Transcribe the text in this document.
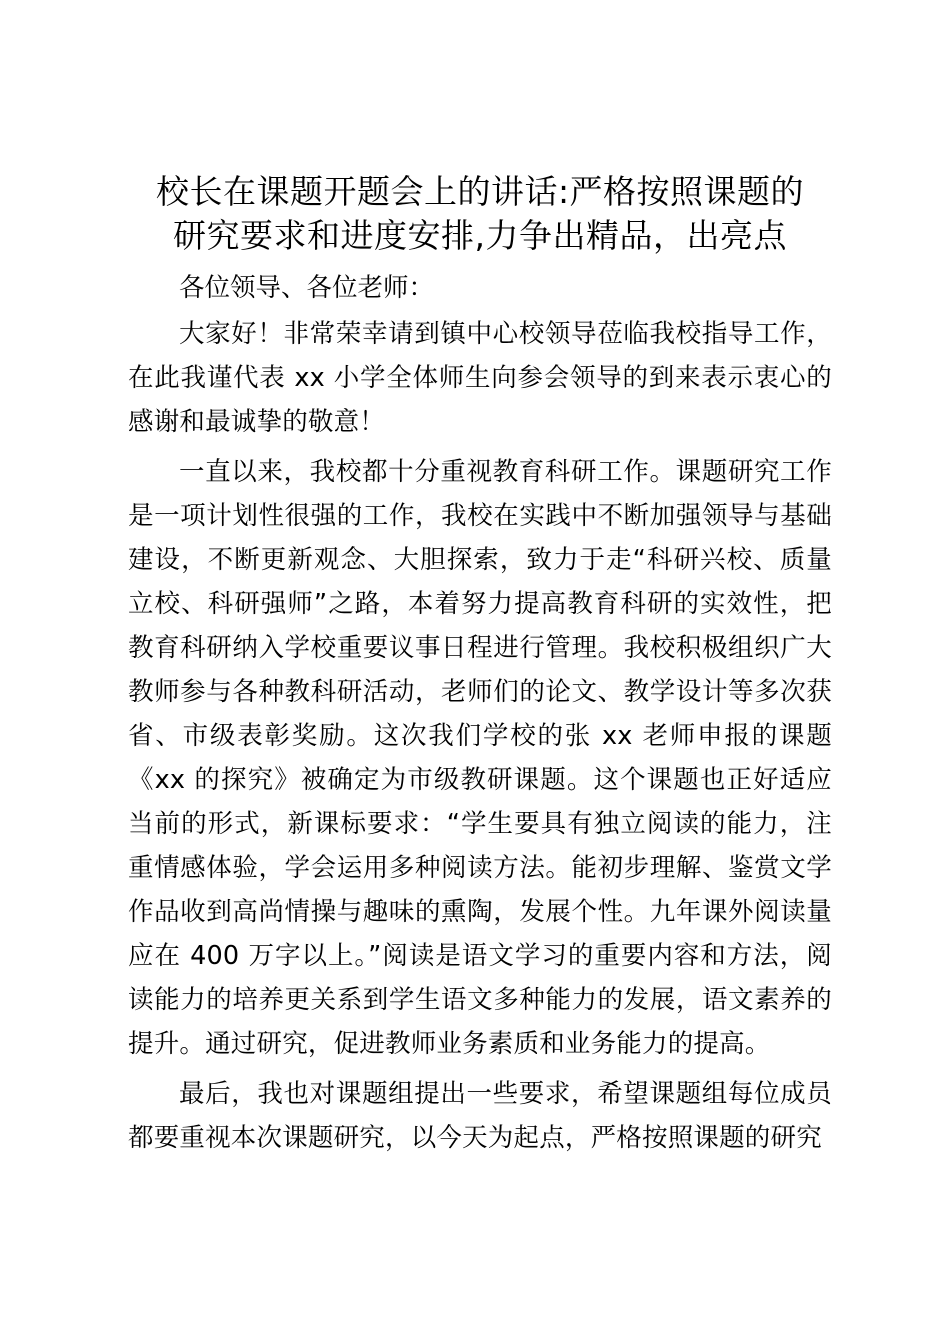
校长在课题开题会上的讲话:严格按照课题的
研究要求和进度安排,力争出精品，出亮点

各位领导、各位老师：

大家好！非常荣幸请到镇中心校领导莅临我校指导工作，在此我谨代表 xx 小学全体师生向参会领导的到来表示衷心的感谢和最诚挚的敬意！

一直以来，我校都十分重视教育科研工作。课题研究工作是一项计划性很强的工作，我校在实践中不断加强领导与基础建设，不断更新观念、大胆探索，致力于走“科研兴校、质量立校、科研强师”之路，本着努力提高教育科研的实效性，把教育科研纳入学校重要议事日程进行管理。我校积极组织广大教师参与各种教科研活动，老师们的论文、教学设计等多次获省、市级表彰奖励。这次我们学校的张 xx 老师申报的课题《xx 的探究》被确定为市级教研课题。这个课题也正好适应当前的形式，新课标要求：“学生要具有独立阅读的能力，注重情感体验，学会运用多种阅读方法。能初步理解、鉴赏文学作品收到高尚情操与趣味的熏陶，发展个性。九年课外阅读量应在 400 万字以上。”阅读是语文学习的重要内容和方法，阅读能力的培养更关系到学生语文多种能力的发展，语文素养的提升。通过研究，促进教师业务素质和业务能力的提高。

最后，我也对课题组提出一些要求，希望课题组每位成员都要重视本次课题研究，以今天为起点，严格按照课题的研究
